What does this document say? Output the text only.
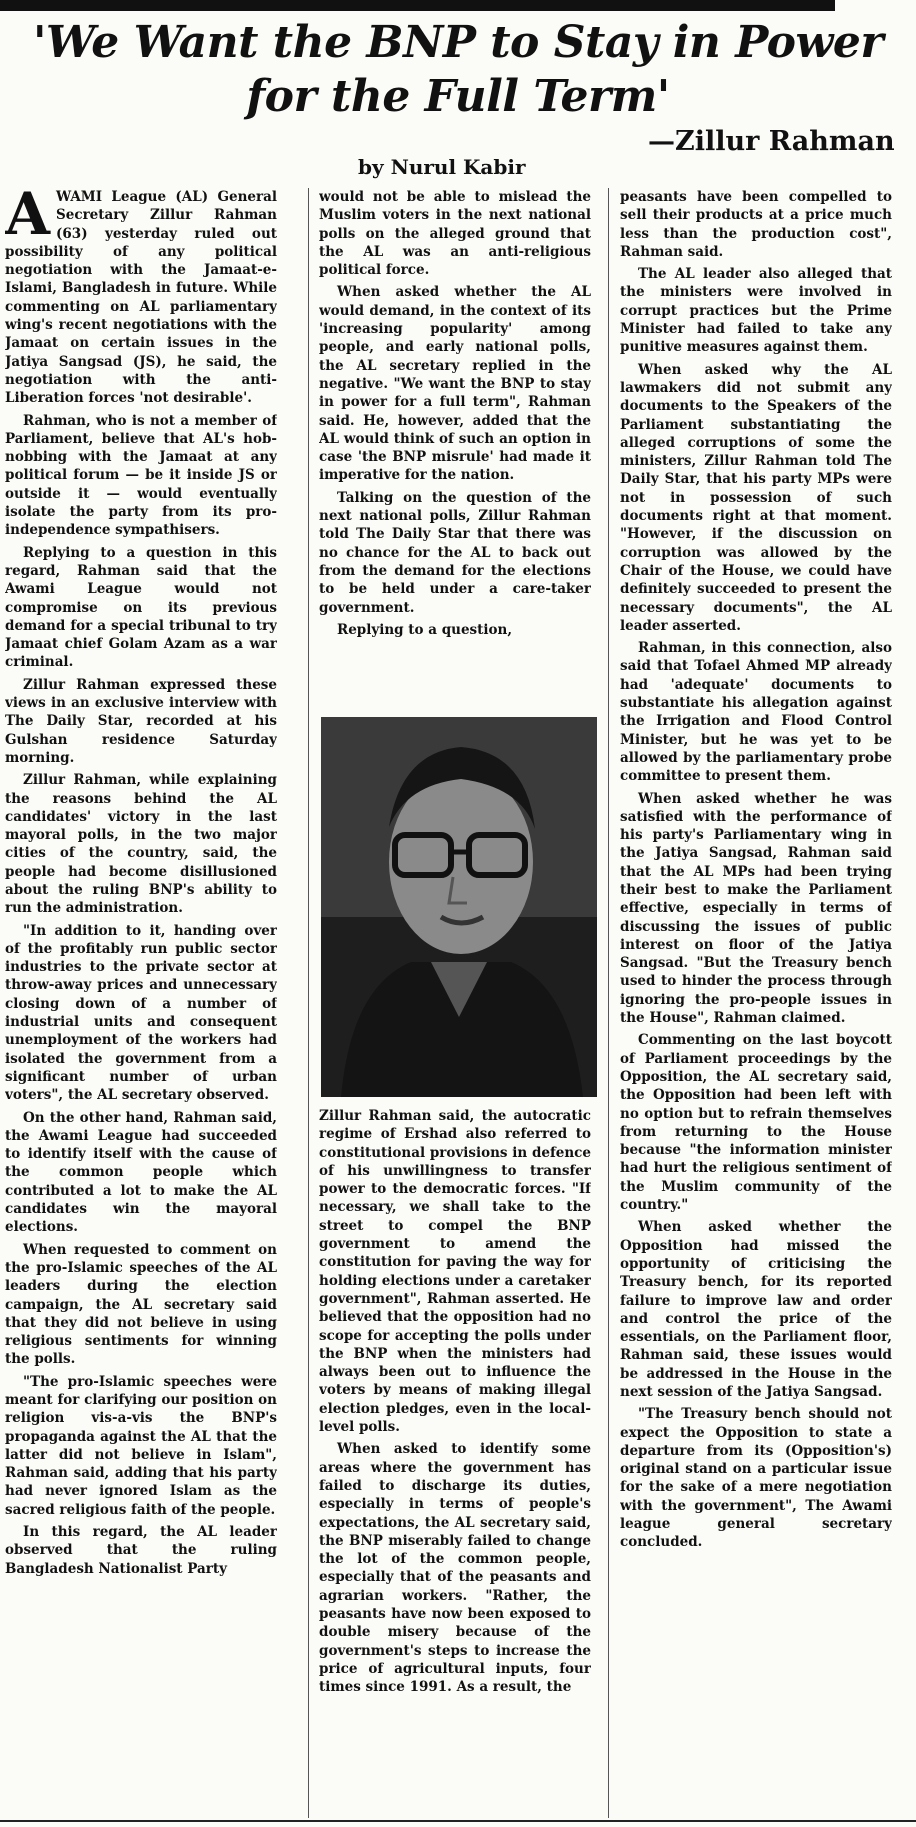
'We Want the BNP to Stay in Power
for the Full Term'

—Zillur Rahman

by Nurul Kabir

AWAMI League (AL) General Secretary Zillur Rahman (63) yesterday ruled out possibility of any political negotiation with the Jamaat-e- Islami, Bangladesh in future. While commenting on AL parliamentary wing's recent negotiations with the Jamaat on certain issues in the Jatiya Sangsad (JS), he said, the negotiation with the anti-Liberation forces 'not desirable'.

Rahman, who is not a member of Parliament, believe that AL's hob-nobbing with the Jamaat at any political forum — be it inside JS or outside it — would eventually isolate the party from its pro-independence sympathisers.

Replying to a question in this regard, Rahman said that the Awami League would not compromise on its previous demand for a special tribunal to try Jamaat chief Golam Azam as a war criminal.

Zillur Rahman expressed these views in an exclusive interview with The Daily Star, recorded at his Gulshan residence Saturday morning.

Zillur Rahman, while explaining the reasons behind the AL candidates' victory in the last mayoral polls, in the two major cities of the country, said, the people had become disillusioned about the ruling BNP's ability to run the administration.

"In addition to it, handing over of the profitably run public sector industries to the private sector at throw-away prices and unnecessary closing down of a number of industrial units and consequent unemployment of the workers had isolated the government from a significant number of urban voters", the AL secretary observed.

On the other hand, Rahman said, the Awami League had succeeded to identify itself with the cause of the common people which contributed a lot to make the AL candidates win the mayoral elections.

When requested to comment on the pro-Islamic speeches of the AL leaders during the election campaign, the AL secretary said that they did not believe in using religious sentiments for winning the polls.

"The pro-Islamic speeches were meant for clarifying our position on religion vis-a-vis the BNP's propaganda against the AL that the latter did not believe in Islam", Rahman said, adding that his party had never ignored Islam as the sacred religious faith of the people.

In this regard, the AL leader observed that the ruling Bangladesh Nationalist Party

would not be able to mislead the Muslim voters in the next national polls on the alleged ground that the AL was an anti-religious political force.

When asked whether the AL would demand, in the context of its 'increasing popularity' among people, and early national polls, the AL secretary replied in the negative. "We want the BNP to stay in power for a full term", Rahman said. He, however, added that the AL would think of such an option in case 'the BNP misrule' had made it imperative for the nation.

Talking on the question of the next national polls, Zillur Rahman told The Daily Star that there was no chance for the AL to back out from the demand for the elections to be held under a care-taker government.

Replying to a question,

Zillur Rahman said, the autocratic regime of Ershad also referred to constitutional provisions in defence of his unwillingness to transfer power to the democratic forces. "If necessary, we shall take to the street to compel the BNP government to amend the constitution for paving the way for holding elections under a caretaker government", Rahman asserted. He believed that the opposition had no scope for accepting the polls under the BNP when the ministers had always been out to influence the voters by means of making illegal election pledges, even in the local-level polls.

When asked to identify some areas where the government has failed to discharge its duties, especially in terms of people's expectations, the AL secretary said, the BNP miserably failed to change the lot of the common people, especially that of the peasants and agrarian workers. "Rather, the peasants have now been exposed to double misery because of the government's steps to increase the price of agricultural inputs, four times since 1991. As a result, the

peasants have been compelled to sell their products at a price much less than the production cost", Rahman said.

The AL leader also alleged that the ministers were involved in corrupt practices but the Prime Minister had failed to take any punitive measures against them.

When asked why the AL lawmakers did not submit any documents to the Speakers of the Parliament substantiating the alleged corruptions of some the ministers, Zillur Rahman told The Daily Star, that his party MPs were not in possession of such documents right at that moment. "However, if the discussion on corruption was allowed by the Chair of the House, we could have definitely succeeded to present the necessary documents", the AL leader asserted.

Rahman, in this connection, also said that Tofael Ahmed MP already had 'adequate' documents to substantiate his allegation against the Irrigation and Flood Control Minister, but he was yet to be allowed by the parliamentary probe committee to present them.

When asked whether he was satisfied with the performance of his party's Parliamentary wing in the Jatiya Sangsad, Rahman said that the AL MPs had been trying their best to make the Parliament effective, especially in terms of discussing the issues of public interest on floor of the Jatiya Sangsad. "But the Treasury bench used to hinder the process through ignoring the pro-people issues in the House", Rahman claimed.

Commenting on the last boycott of Parliament proceedings by the Opposition, the AL secretary said, the Opposition had been left with no option but to refrain themselves from returning to the House because "the information minister had hurt the religious sentiment of the Muslim community of the country."

When asked whether the Opposition had missed the opportunity of criticising the Treasury bench, for its reported failure to improve law and order and control the price of the essentials, on the Parliament floor, Rahman said, these issues would be addressed in the House in the next session of the Jatiya Sangsad.

"The Treasury bench should not expect the Opposition to state a departure from its (Opposition's) original stand on a particular issue for the sake of a mere negotiation with the government", The Awami league general secretary concluded.
